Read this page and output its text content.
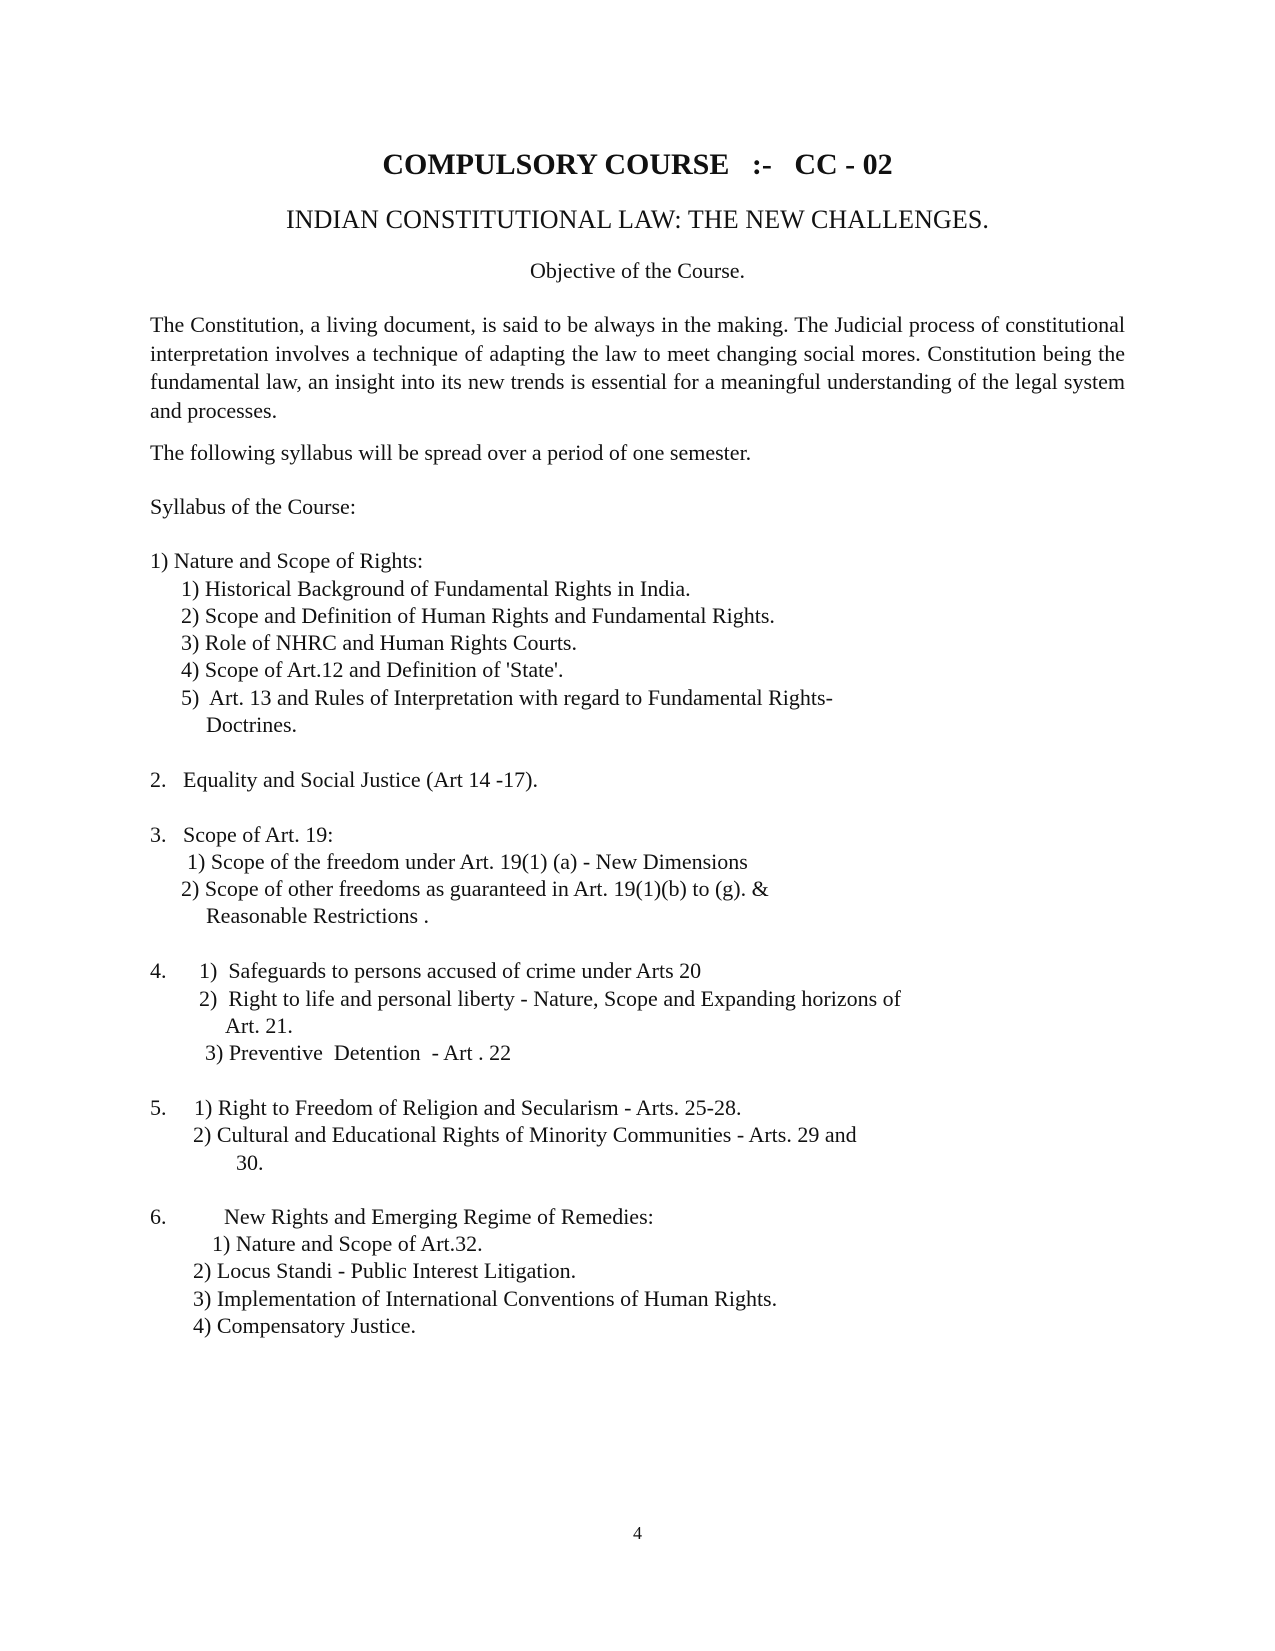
COMPULSORY COURSE   :-   CC - 02
INDIAN CONSTITUTIONAL LAW: THE NEW CHALLENGES.
Objective of the Course.
The Constitution, a living document, is said to be always in the making. The Judicial process of constitutional interpretation involves a technique of adapting the law to meet changing social mores. Constitution being the fundamental law, an insight into its new trends is essential for a meaningful understanding of the legal system and processes.
The following syllabus will be spread over a period of one semester.
Syllabus of the Course:
1) Nature and Scope of Rights:
1) Historical Background of Fundamental Rights in India.
2) Scope and Definition of Human Rights and Fundamental Rights.
3) Role of NHRC and Human Rights Courts.
4) Scope of Art.12 and Definition of 'State'.
5)  Art. 13 and Rules of Interpretation with regard to Fundamental Rights-
Doctrines.
2.   Equality and Social Justice (Art 14 -17).
3.   Scope of Art. 19:
1) Scope of the freedom under Art. 19(1) (a) - New Dimensions
2) Scope of other freedoms as guaranteed in Art. 19(1)(b) to (g). &
Reasonable Restrictions .
4. 1)  Safeguards to persons accused of crime under Arts 20
2)  Right to life and personal liberty - Nature, Scope and Expanding horizons of
Art. 21.
3) Preventive  Detention  - Art . 22
5. 1) Right to Freedom of Religion and Secularism - Arts. 25-28.
2) Cultural and Educational Rights of Minority Communities - Arts. 29 and
30.
6.	New Rights and Emerging Regime of Remedies:
1) Nature and Scope of Art.32.
2) Locus Standi - Public Interest Litigation.
3) Implementation of International Conventions of Human Rights.
4) Compensatory Justice.
4
